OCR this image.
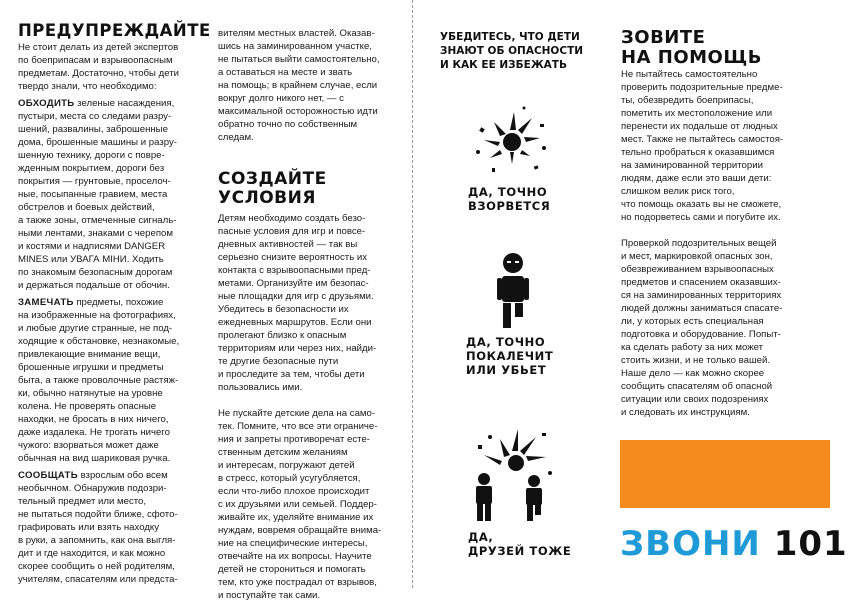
ПРЕДУПРЕЖДАЙТЕ

Не стоит делать из детей экспертов
по боеприпасам и взрывоопасным
предметам. Достаточно, чтобы дети
твердо знали, что необходимо:

ОБХОДИТЬ зеленые насаждения,
пустыри, места со следами разру-
шений, развалины, заброшенные
дома, брошенные машины и разру-
шенную технику, дороги с повре-
жденным покрытием, дороги без
покрытия — грунтовые, проселоч-
ные, посыпанные гравием, места
обстрелов и боевых действий,
а также зоны, отмеченные сигналь-
ными лентами, знаками с черепом
и костями и надписями DANGER
MINES или УВАГА МІНИ. Ходить
по знакомым безопасным дорогам
и держаться подальше от обочин.

ЗАМЕЧАТЬ предметы, похожие
на изображенные на фотографиях,
и любые другие странные, не под-
ходящие к обстановке, незнакомые,
привлекающие внимание вещи,
брошенные игрушки и предметы
быта, а также проволочные растяж-
ки, обычно натянутые на уровне
колена. Не проверять опасные
находки, не бросать в них ничего,
даже издалека. Не трогать ничего
чужого: взорваться может даже
обычная на вид шариковая ручка.

СООБЩАТЬ взрослым обо всем
необычном. Обнаружив подозри-
тельный предмет или место,
не пытаться подойти ближе, сфото-
графировать или взять находку
в руки, а запомнить, как она выгля-
дит и где находится, и как можно
скорее сообщить о ней родителям,
учителям, спасателям или предста-

вителям местных властей. Оказав-
шись на заминированном участке,
не пытаться выйти самостоятельно,
а оставаться на месте и звать
на помощь; в крайнем случае, если
вокруг долго никого нет, — с максимальной осторожностью идти
обратно точно по собственным
следам.

СОЗДАЙТЕ
УСЛОВИЯ

Детям необходимо создать безо-
пасные условия для игр и повсе-
дневных активностей — так вы
серьезно снизите вероятность их
контакта с взрывоопасными пред-
метами. Организуйте им безопас-
ные площадки для игр с друзьями.
Убедитесь в безопасности их
ежедневных маршрутов. Если они
пролегают близко к опасным
территориям или через них, найди-
те другие безопасные пути
и проследите за тем, чтобы дети
пользовались ими.

Не пускайте детские дела на само-
тек. Помните, что все эти ограниче-
ния и запреты противоречат есте-
ственным детским желаниям
и интересам, погружают детей
в стресс, который усугубляется,
если что-либо плохое происходит
с их друзьями или семьей. Поддер-
живайте их, уделяйте внимание их
нуждам, вовремя обращайте внима-
ние на специфические интересы,
отвечайте на их вопросы. Научите
детей не сторониться и помогать
тем, кто уже пострадал от взрывов,
и поступайте так сами.

УБЕДИТЕСЬ, ЧТО ДЕТИ
ЗНАЮТ ОБ ОПАСНОСТИ
И КАК ЕЕ ИЗБЕЖАТЬ

ДА, ТОЧНО
ВЗОРВЕТСЯ

ДА, ТОЧНО
ПОКАЛЕЧИТ
ИЛИ УБЬЕТ

ДА,
ДРУЗЕЙ ТОЖЕ

ЗОВИТЕ
НА ПОМОЩЬ

Не пытайтесь самостоятельно
проверить подозрительные предме-
ты, обезвредить боеприпасы,
пометить их местоположение или
перенести их подальше от людных
мест. Также не пытайтесь самостоя-
тельно пробраться к оказавшимся
на заминированной территории
людям, даже если это ваши дети:
слишком велик риск того,
что помощь оказать вы не сможете,
но подорветесь сами и погубите их.

Проверкой подозрительных вещей
и мест, маркировкой опасных зон,
обезвреживанием взрывоопасных
предметов и спасением оказавших-
ся на заминированных территориях
людей должны заниматься спасате-
ли, у которых есть специальная
подготовка и оборудование. Попыт-
ка сделать работу за них может
стоить жизни, и не только вашей.
Наше дело — как можно скорее
сообщить спасателям об опасной
ситуации или своих подозрениях
и следовать их инструкциям.

ЗВОНИ 101
